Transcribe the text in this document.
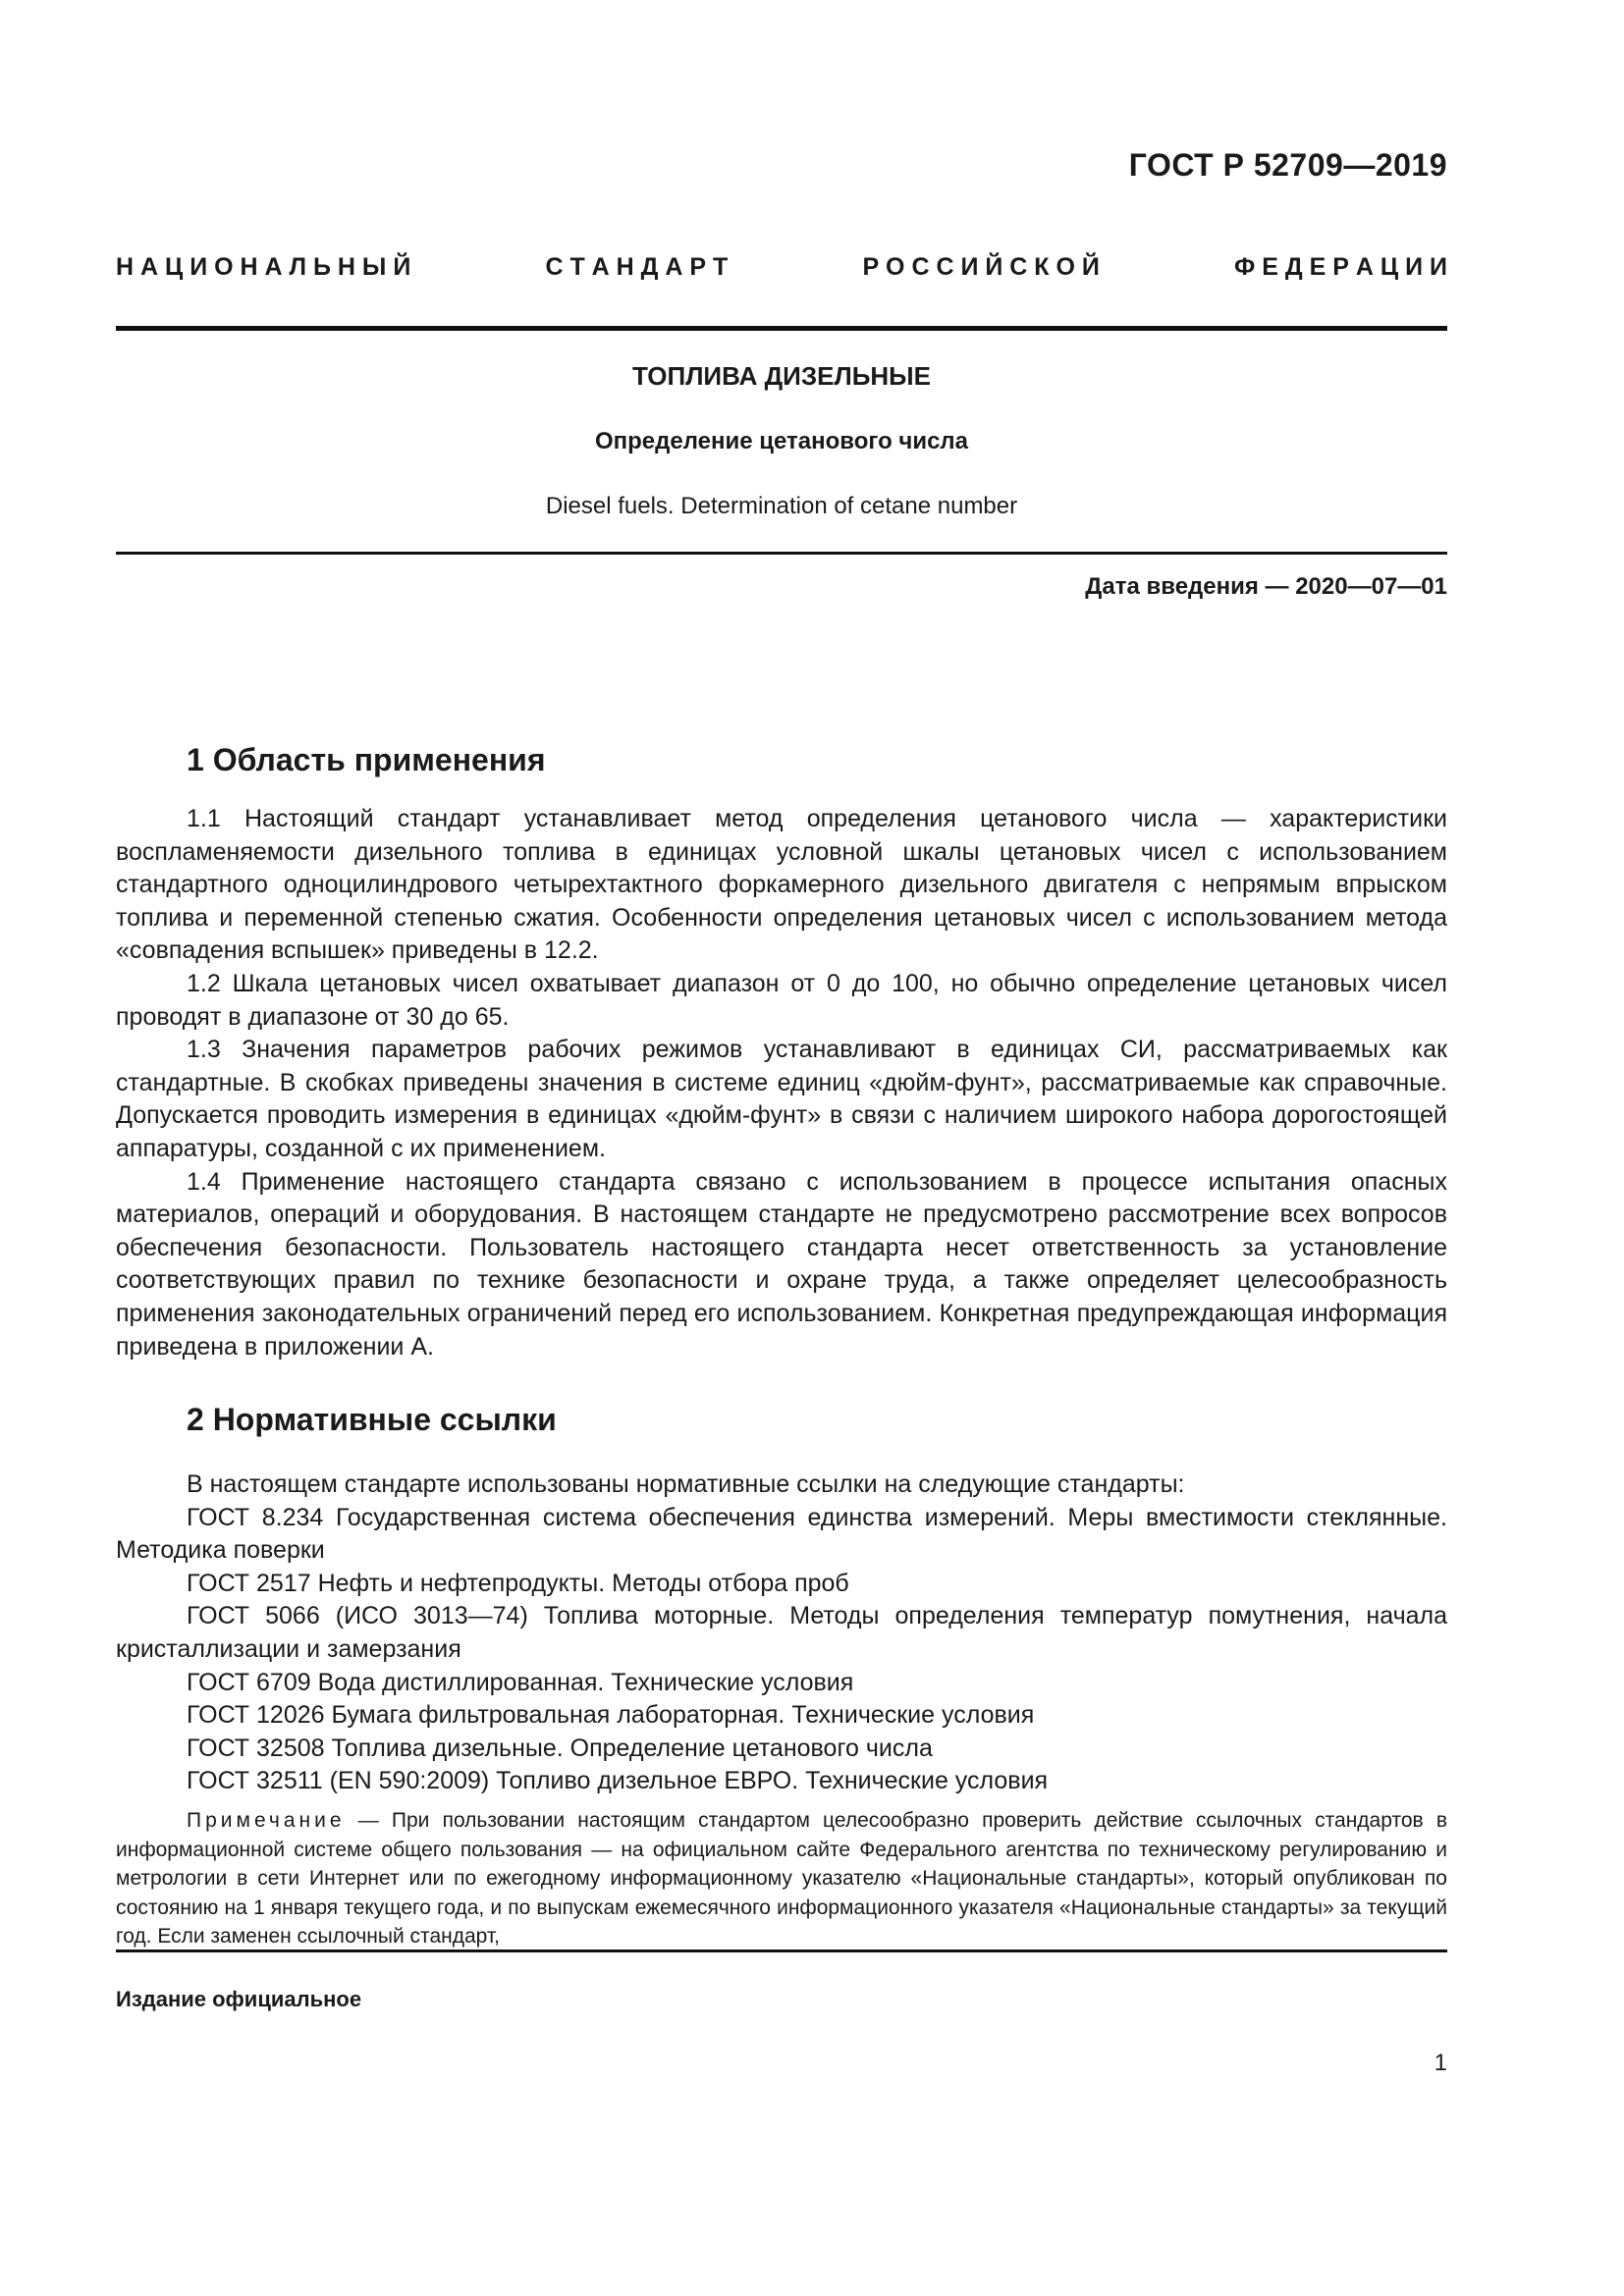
ГОСТ Р 52709—2019
Н А Ц И О Н А Л Ь Н Ы Й	С Т А Н Д А Р Т	Р О С С И Й С К О Й	Ф Е Д Е Р А Ц И И
ТОПЛИВА ДИЗЕЛЬНЫЕ
Определение цетанового числа
Diesel fuels. Determination of cetane number
Дата введения — 2020—07—01
1 Область применения

1.1 Настоящий стандарт устанавливает метод определения цетанового числа — характеристики воспламеняемости дизельного топлива в единицах условной шкалы цетановых чисел с использованием стандартного одноцилиндрового четырехтактного форкамерного дизельного двигателя с непрямым впрыском топлива и переменной степенью сжатия. Особенности определения цетановых чисел с использованием метода «совпадения вспышек» приведены в 12.2.

1.2 Шкала цетановых чисел охватывает диапазон от 0 до 100, но обычно определение цетановых чисел проводят в диапазоне от 30 до 65.

1.3 Значения параметров рабочих режимов устанавливают в единицах СИ, рассматриваемых как стандартные. В скобках приведены значения в системе единиц «дюйм-фунт», рассматриваемые как справочные. Допускается проводить измерения в единицах «дюйм-фунт» в связи с наличием широкого набора дорогостоящей аппаратуры, созданной с их применением.

1.4 Применение настоящего стандарта связано с использованием в процессе испытания опасных материалов, операций и оборудования. В настоящем стандарте не предусмотрено рассмотрение всех вопросов обеспечения безопасности. Пользователь настоящего стандарта несет ответственность за установление соответствующих правил по технике безопасности и охране труда, а также определяет целесообразность применения законодательных ограничений перед его использованием. Конкретная предупреждающая информация приведена в приложении А.

2 Нормативные ссылки

В настоящем стандарте использованы нормативные ссылки на следующие стандарты:

ГОСТ 8.234 Государственная система обеспечения единства измерений. Меры вместимости стеклянные. Методика поверки

ГОСТ 2517 Нефть и нефтепродукты. Методы отбора проб

ГОСТ 5066 (ИСО 3013—74) Топлива моторные. Методы определения температур помутнения, начала кристаллизации и замерзания

ГОСТ 6709 Вода дистиллированная. Технические условия

ГОСТ 12026 Бумага фильтровальная лабораторная. Технические условия

ГОСТ 32508 Топлива дизельные. Определение цетанового числа

ГОСТ 32511 (EN 590:2009) Топливо дизельное ЕВРО. Технические условия

Примечание — При пользовании настоящим стандартом целесообразно проверить действие ссылочных стандартов в информационной системе общего пользования — на официальном сайте Федерального агентства по техническому регулированию и метрологии в сети Интернет или по ежегодному информационному указателю «Национальные стандарты», который опубликован по состоянию на 1 января текущего года, и по выпускам ежемесячного информационного указателя «Национальные стандарты» за текущий год. Если заменен ссылочный стандарт,

Издание официальное
1
